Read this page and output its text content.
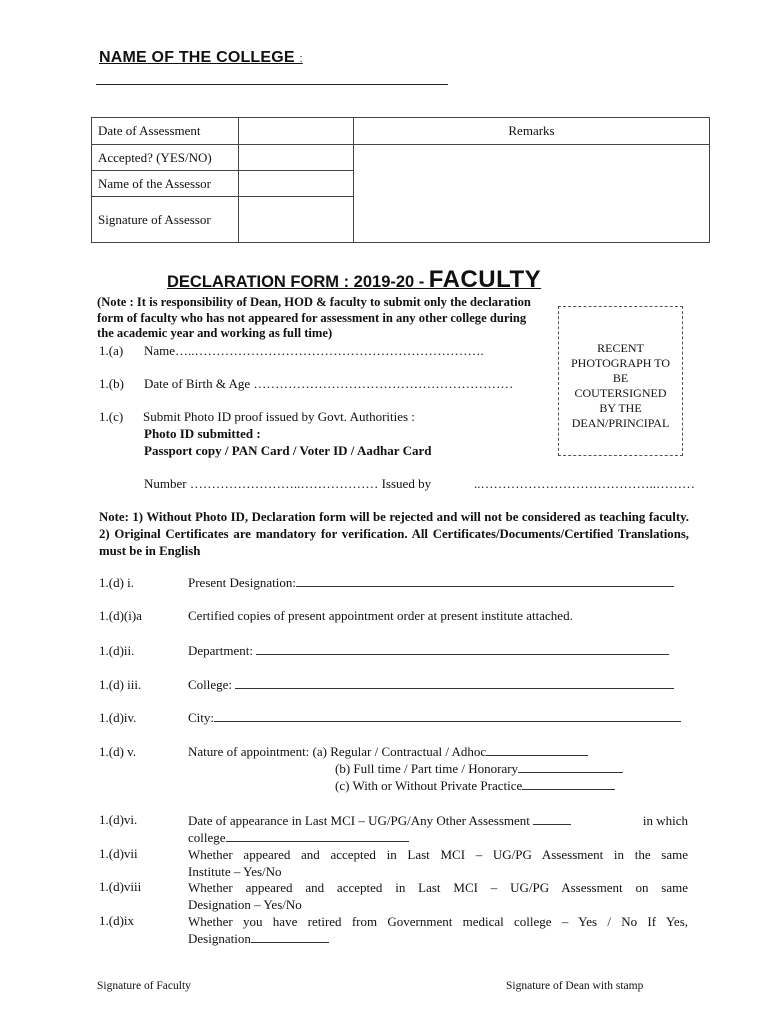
NAME OF THE COLLEGE :
Date of Assessment		Remarks
Accepted? (YES/NO)		
Name of the Assessor		
Signature of Assessor		
DECLARATION FORM : 2019-20 - FACULTY
(Note : It is responsibility of Dean, HOD & faculty to submit only the declaration form of faculty who has not appeared for assessment in any other college during the academic year and working as full time)
RECENT
PHOTOGRAPH TO
BE
COUTERSIGNED
BY THE
DEAN/PRINCIPAL
1.(a) Name…..………………………………………………………….
1.(b) Date of Birth & Age ……………………………………………………
1.(c) Submit Photo ID proof issued by Govt. Authorities :
Photo ID submitted :
Passport copy / PAN Card / Voter ID / Aadhar Card
Number ……………………..……………… Issued by	..…………………………………..………
Note: 1) Without Photo ID, Declaration form will be rejected and will not be considered as teaching faculty. 2) Original Certificates are mandatory for verification. All Certificates/Documents/Certified Translations, must be in English
1.(d) i.	Present Designation:
1.(d)(i)a	Certified copies of present appointment order at present institute attached.
1.(d)ii.	Department:
1.(d) iii.	College:
1.(d)iv.	City:
1.(d) v.	Nature of appointment: (a) Regular / Contractual / Adhoc
(b) Full time / Part time / Honorary
(c) With or Without Private Practice
1.(d)vi.	Date of appearance in Last MCI – UG/PG/Any Other Assessment	in which
college
1.(d)vii	Whether appeared and accepted in Last MCI – UG/PG Assessment in the same
Institute – Yes/No
1.(d)viii	Whether appeared and accepted in Last MCI – UG/PG Assessment on same
Designation – Yes/No
1.(d)ix	Whether you have retired from Government medical college – Yes / No If Yes,
Designation
Signature of Faculty	Signature of Dean with stamp
